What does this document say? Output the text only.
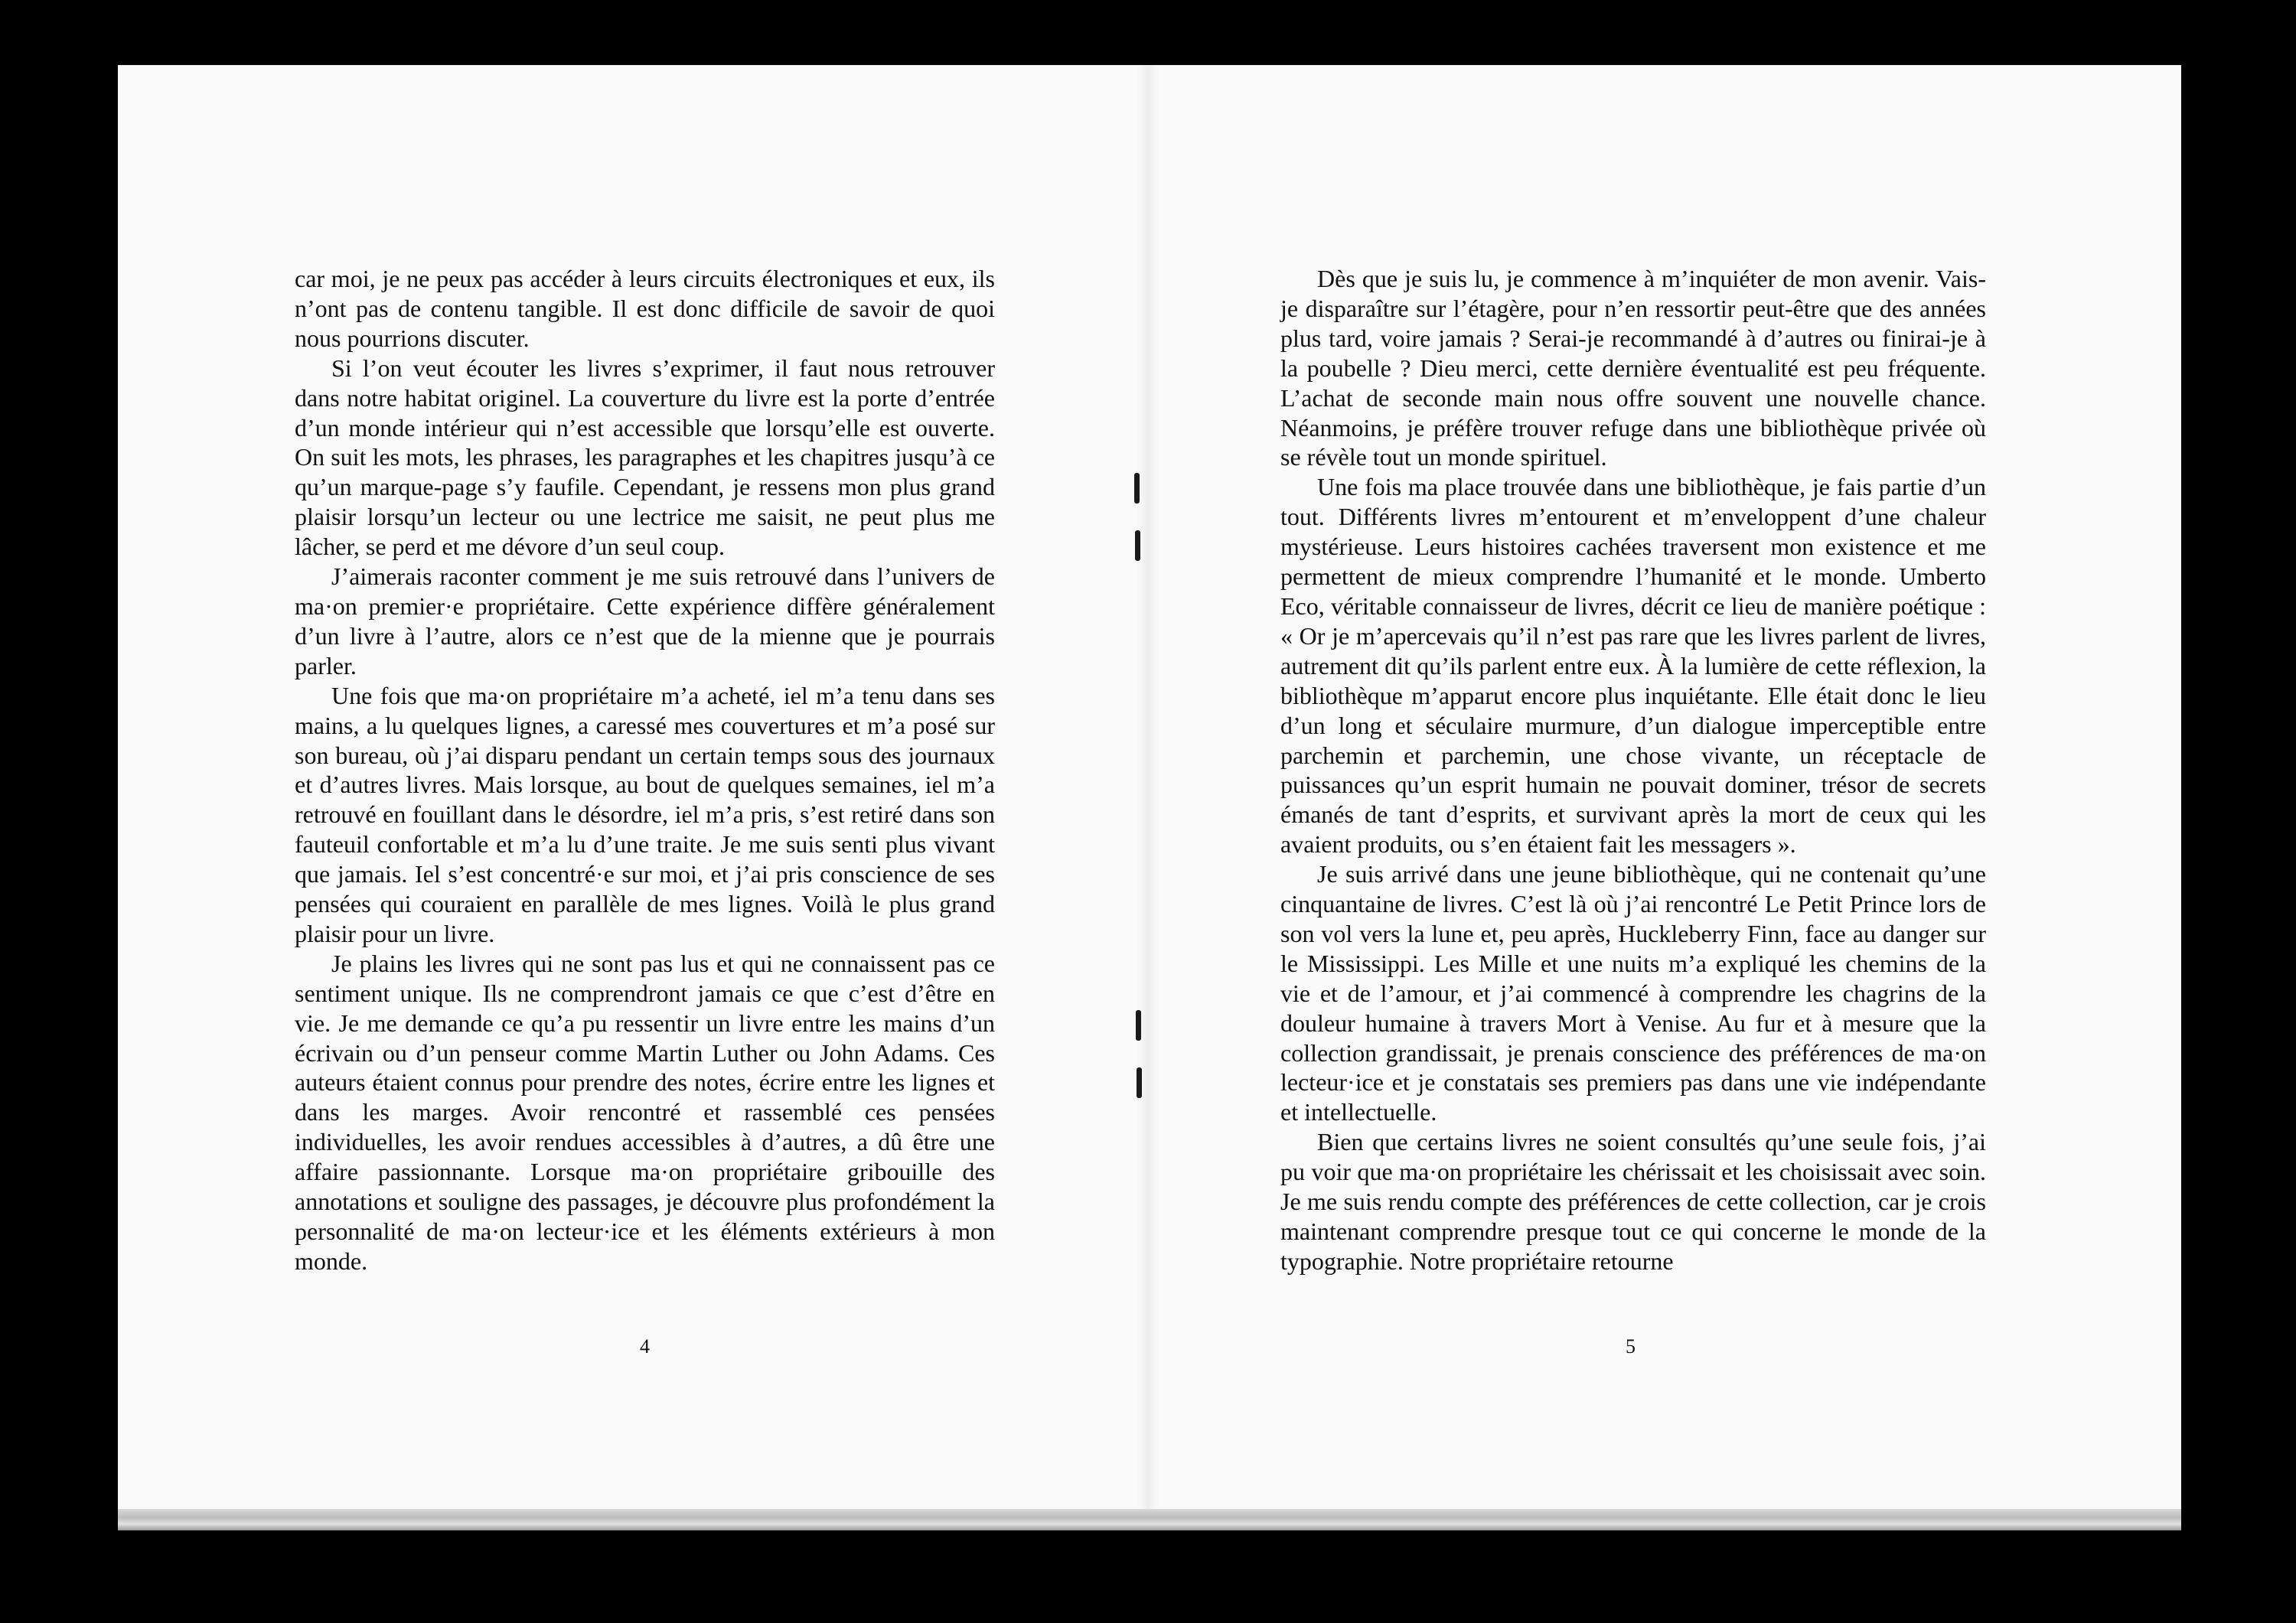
car moi, je ne peux pas accéder à leurs circuits électroniques et eux, ils n’ont pas de contenu tangible. Il est donc difficile de savoir de quoi nous pourrions discuter.

Si l’on veut écouter les livres s’exprimer, il faut nous retrouver dans notre habitat originel. La couverture du livre est la porte d’entrée d’un monde intérieur qui n’est accessible que lorsqu’elle est ouverte. On suit les mots, les phrases, les paragraphes et les chapitres jusqu’à ce qu’un marque-page s’y faufile. Cependant, je ressens mon plus grand plaisir lorsqu’un lecteur ou une lectrice me saisit, ne peut plus me lâcher, se perd et me dévore d’un seul coup.

J’aimerais raconter comment je me suis retrouvé dans l’univers de ma·on premier·e propriétaire. Cette expérience diffère généralement d’un livre à l’autre, alors ce n’est que de la mienne que je pourrais parler.

Une fois que ma·on propriétaire m’a acheté, iel m’a tenu dans ses mains, a lu quelques lignes, a caressé mes couvertures et m’a posé sur son bureau, où j’ai disparu pendant un certain temps sous des journaux et d’autres livres. Mais lorsque, au bout de quelques semaines, iel m’a retrouvé en fouillant dans le désordre, iel m’a pris, s’est retiré dans son fauteuil confortable et m’a lu d’une traite. Je me suis senti plus vivant que jamais. Iel s’est concentré·e sur moi, et j’ai pris conscience de ses pensées qui couraient en parallèle de mes lignes. Voilà le plus grand plaisir pour un livre.

Je plains les livres qui ne sont pas lus et qui ne connaissent pas ce sentiment unique. Ils ne comprendront jamais ce que c’est d’être en vie. Je me demande ce qu’a pu ressentir un livre entre les mains d’un écrivain ou d’un penseur comme Martin Luther ou John Adams. Ces auteurs étaient connus pour prendre des notes, écrire entre les lignes et dans les marges. Avoir rencontré et rassemblé ces pensées individuelles, les avoir rendues accessibles à d’autres, a dû être une affaire passionnante. Lorsque ma·on propriétaire gribouille des annotations et souligne des passages, je découvre plus profondément la personnalité de ma·on lecteur·ice et les éléments extérieurs à mon monde.

4

Dès que je suis lu, je commence à m’inquiéter de mon avenir. Vais-je disparaître sur l’étagère, pour n’en ressortir peut-être que des années plus tard, voire jamais ? Serai-je recommandé à d’autres ou finirai-je à la poubelle ? Dieu merci, cette dernière éventualité est peu fréquente. L’achat de seconde main nous offre souvent une nouvelle chance. Néanmoins, je préfère trouver refuge dans une bibliothèque privée où se révèle tout un monde spirituel.

Une fois ma place trouvée dans une bibliothèque, je fais partie d’un tout. Différents livres m’entourent et m’enveloppent d’une chaleur mystérieuse. Leurs histoires cachées traversent mon existence et me permettent de mieux comprendre l’humanité et le monde. Umberto Eco, véritable connaisseur de livres, décrit ce lieu de manière poétique : « Or je m’apercevais qu’il n’est pas rare que les livres parlent de livres, autrement dit qu’ils parlent entre eux. À la lumière de cette réflexion, la bibliothèque m’apparut encore plus inquiétante. Elle était donc le lieu d’un long et séculaire murmure, d’un dialogue imperceptible entre parchemin et parchemin, une chose vivante, un réceptacle de puissances qu’un esprit humain ne pouvait dominer, trésor de secrets émanés de tant d’esprits, et survivant après la mort de ceux qui les avaient produits, ou s’en étaient fait les messagers ».

Je suis arrivé dans une jeune bibliothèque, qui ne contenait qu’une cinquantaine de livres. C’est là où j’ai rencontré Le Petit Prince lors de son vol vers la lune et, peu après, Huckleberry Finn, face au danger sur le Mississippi. Les Mille et une nuits m’a expliqué les chemins de la vie et de l’amour, et j’ai commencé à comprendre les chagrins de la douleur humaine à travers Mort à Venise. Au fur et à mesure que la collection grandissait, je prenais conscience des préférences de ma·on lecteur·ice et je constatais ses premiers pas dans une vie indépendante et intellectuelle.

Bien que certains livres ne soient consultés qu’une seule fois, j’ai pu voir que ma·on propriétaire les chérissait et les choisissait avec soin. Je me suis rendu compte des préférences de cette collection, car je crois maintenant comprendre presque tout ce qui concerne le monde de la typographie. Notre propriétaire retourne

5
